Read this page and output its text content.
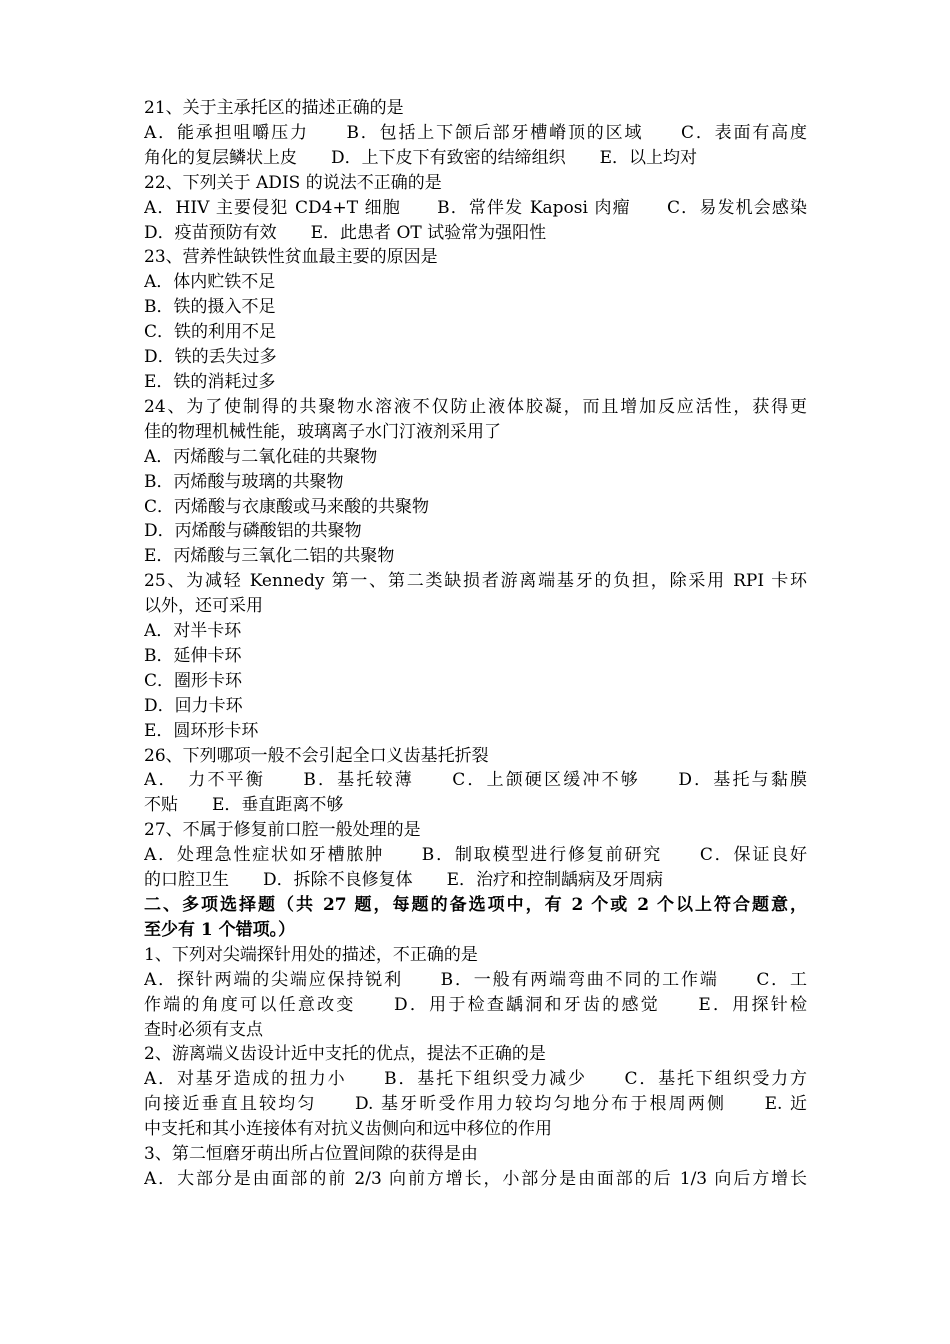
21、关于主承托区的描述正确的是
A．能承担咀嚼压力　　B．包括上下颌后部牙槽嵴顶的区域　　C．表面有高度
角化的复层鳞状上皮　　D．上下皮下有致密的结缔组织　　E．以上均对
22、下列关于 ADIS 的说法不正确的是
A．HIV 主要侵犯 CD4+T 细胞　　B．常伴发 Kaposi 肉瘤　　C．易发机会感染
D．疫苗预防有效　　E．此患者 OT 试验常为强阳性
23、营养性缺铁性贫血最主要的原因是
A．体内贮铁不足
B．铁的摄入不足
C．铁的利用不足
D．铁的丢失过多
E．铁的消耗过多
24、为了使制得的共聚物水溶液不仅防止液体胶凝，而且增加反应活性，获得更
佳的物理机械性能，玻璃离子水门汀液剂采用了
A．丙烯酸与二氧化硅的共聚物
B．丙烯酸与玻璃的共聚物
C．丙烯酸与衣康酸或马来酸的共聚物
D．丙烯酸与磷酸铝的共聚物
E．丙烯酸与三氧化二铝的共聚物
25、为减轻 Kennedy 第一、第二类缺损者游离端基牙的负担，除采用 RPI 卡环
以外，还可采用
A．对半卡环
B．延伸卡环
C．圈形卡环
D．回力卡环
E．圆环形卡环
26、下列哪项一般不会引起全口义齿基托折裂
A．　力不平衡　　B．基托较薄　　C．上颌硬区缓冲不够　　D．基托与黏膜
不贴　　E．垂直距离不够
27、不属于修复前口腔一般处理的是
A．处理急性症状如牙槽脓肿　　B．制取模型进行修复前研究　　C．保证良好
的口腔卫生　　D．拆除不良修复体　　E．治疗和控制龋病及牙周病
二、多项选择题（共 27 题，每题的备选项中，有 2 个或 2 个以上符合题意，
至少有 1 个错项。）
1、下列对尖端探针用处的描述，不正确的是
A．探针两端的尖端应保持锐利　　B．一般有两端弯曲不同的工作端　　C．工
作端的角度可以任意改变　　D．用于检查龋洞和牙齿的感觉　　E．用探针检
查时必须有支点
2、游离端义齿设计近中支托的优点，提法不正确的是
A．对基牙造成的扭力小　　B．基托下组织受力减少　　C．基托下组织受力方
向接近垂直且较均匀　　D. 基牙昕受作用力较均匀地分布于根周两侧　　E. 近
中支托和其小连接体有对抗义齿侧向和远中移位的作用
3、第二恒磨牙萌出所占位置间隙的获得是由
A．大部分是由面部的前 2/3 向前方增长，小部分是由面部的后 1/3 向后方增长
